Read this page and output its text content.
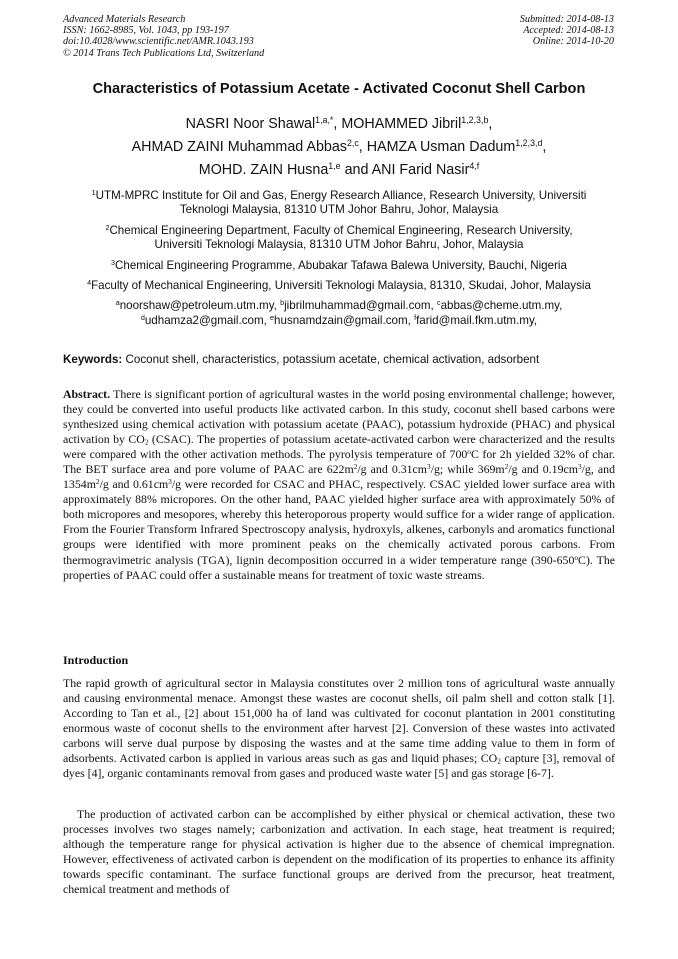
Advanced Materials Research
ISSN: 1662-8985, Vol. 1043, pp 193-197
doi:10.4028/www.scientific.net/AMR.1043.193
© 2014 Trans Tech Publications Ltd, Switzerland
Submitted: 2014-08-13
Accepted: 2014-08-13
Online: 2014-10-20
Characteristics of Potassium Acetate - Activated Coconut Shell Carbon
NASRI Noor Shawal$^{1,a,*}$, MOHAMMED Jibril$^{1,2,3,b}$,
AHMAD ZAINI Muhammad Abbas$^{2,c}$, HAMZA Usman Dadum$^{1,2,3,d}$,
MOHD. ZAIN Husna$^{1,e}$ and ANI Farid Nasir$^{4,f}$
$^1$UTM-MPRC Institute for Oil and Gas, Energy Research Alliance, Research University, Universiti
Teknologi Malaysia, 81310 UTM Johor Bahru, Johor, Malaysia
$^2$Chemical Engineering Department, Faculty of Chemical Engineering, Research University,
Universiti Teknologi Malaysia, 81310 UTM Johor Bahru, Johor, Malaysia
$^3$Chemical Engineering Programme, Abubakar Tafawa Balewa University, Bauchi, Nigeria
$^4$Faculty of Mechanical Engineering, Universiti Teknologi Malaysia, 81310, Skudai, Johor, Malaysia
$^a$noorshaw@petroleum.utm.my, $^b$jibrilmuhammad@gmail.com, $^c$abbas@cheme.utm.my,
$^d$udhamza2@gmail.com, $^e$husnamdzain@gmail.com, $^f$farid@mail.fkm.utm.my,
Keywords: Coconut shell, characteristics, potassium acetate, chemical activation, adsorbent
Abstract. There is significant portion of agricultural wastes in the world posing environmental challenge; however, they could be converted into useful products like activated carbon. In this study, coconut shell based carbons were synthesized using chemical activation with potassium acetate (PAAC), potassium hydroxide (PHAC) and physical activation by $CO_2$ (CSAC). The properties of potassium acetate-activated carbon were characterized and the results were compared with the other activation methods. The pyrolysis temperature of 700$^o$C for 2h yielded 32% of char. The BET surface area and pore volume of PAAC are $622m^2/g$ and $0.31cm^3/g$; while $369m^2/g$ and $0.19cm^3/g$, and $1354m^2/g$ and $0.61cm^3/g$ were recorded for CSAC and PHAC, respectively. CSAC yielded lower surface area with approximately 88% micropores. On the other hand, PAAC yielded higher surface area with approximately 50% of both micropores and mesopores, whereby this heteroporous property would suffice for a wider range of application. From the Fourier Transform Infrared Spectroscopy analysis, hydroxyls, alkenes, carbonyls and aromatics functional groups were identified with more prominent peaks on the chemically activated porous carbons. From thermogravimetric analysis (TGA), lignin decomposition occurred in a wider temperature range (390-650$^o$C). The properties of PAAC could offer a sustainable means for treatment of toxic waste streams.
Introduction
The rapid growth of agricultural sector in Malaysia constitutes over 2 million tons of agricultural waste annually and causing environmental menace. Amongst these wastes are coconut shells, oil palm shell and cotton stalk [1]. According to Tan et al., [2] about 151,000 ha of land was cultivated for coconut plantation in 2001 constituting enormous waste of coconut shells to the environment after harvest [2]. Conversion of these wastes into activated carbons will serve dual purpose by disposing the wastes and at the same time adding value to them in form of adsorbents. Activated carbon is applied in various areas such as gas and liquid phases; $CO_2$ capture [3], removal of dyes [4], organic contaminants removal from gases and produced waste water [5] and gas storage [6-7].
The production of activated carbon can be accomplished by either physical or chemical activation, these two processes involves two stages namely; carbonization and activation. In each stage, heat treatment is required; although the temperature range for physical activation is higher due to the absence of chemical impregnation. However, effectiveness of activated carbon is dependent on the modification of its properties to enhance its affinity towards specific contaminant. The surface functional groups are derived from the precursor, heat treatment, chemical treatment and methods of
